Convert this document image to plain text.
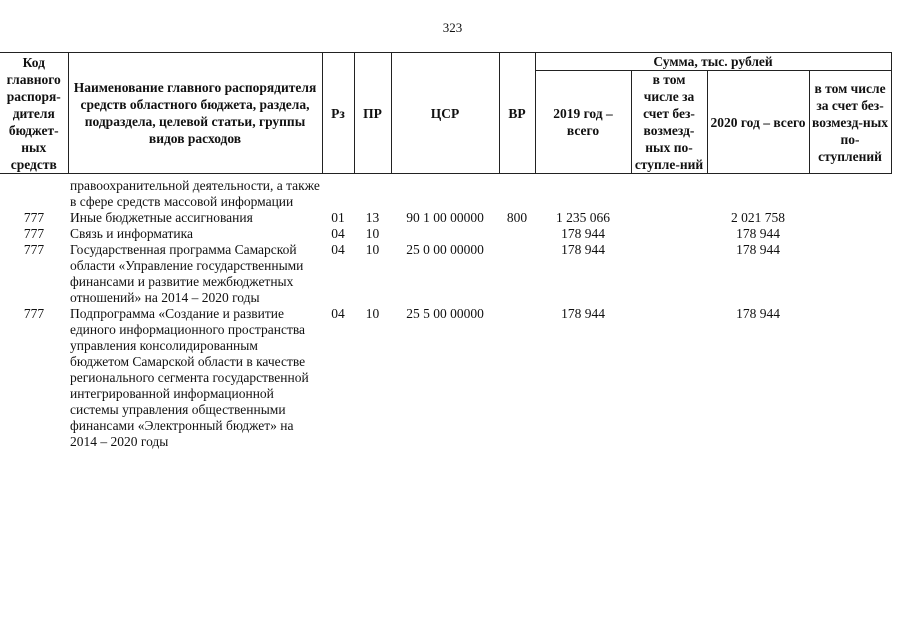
323
Код главного распоря-дителя бюджет-ных средств	Наименование главного распорядителя средств областного бюджета, раздела, подраздела, целевой статьи, группы видов расходов	Рз	ПР	ЦСР	ВР	Сумма, тыс. рублей			
						2019 год – всего	в том числе за счет без-возмезд-ных по-ступле-ний	2020 год – всего	в том числе за счет без-возмезд-ных по-ступлений

	правоохранительной деятельности, а также в сфере средств массовой информации								
777	Иные бюджетные ассигнования	01	13	90 1 00 00000	800	1 235 066		2 021 758	
777	Связь и информатика	04	10			178 944		178 944	
777	Государственная программа Самарской области «Управление государственными финансами и развитие межбюджетных отношений» на 2014 – 2020 годы	04	10	25 0 00 00000		178 944		178 944	
777	Подпрограмма «Создание и развитие единого информационного пространства управления консолидированным бюджетом Самарской области в качестве регионального сегмента государственной интегрированной информационной системы управления общественными финансами «Электронный бюджет» на 2014 – 2020 годы	04	10	25 5 00 00000		178 944		178 944	
